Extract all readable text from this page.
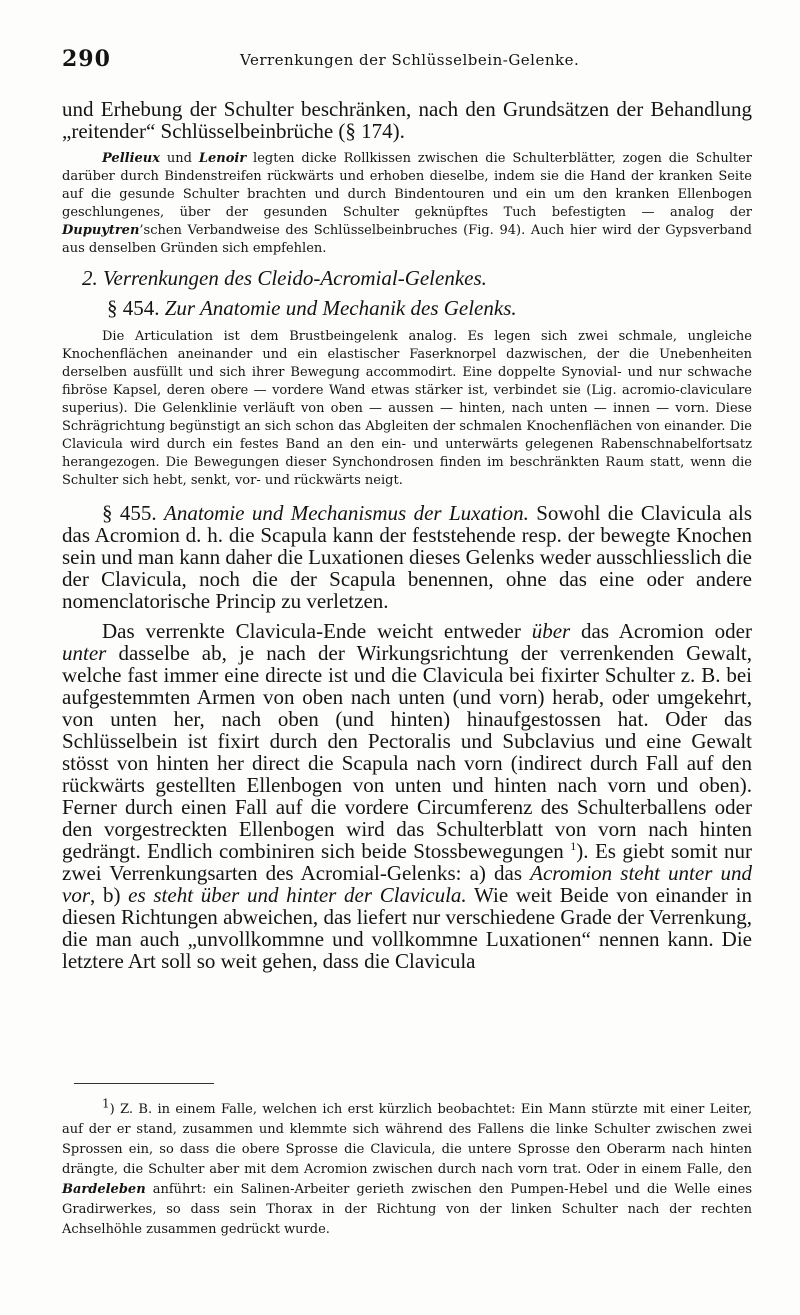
290	Verrenkungen der Schlüsselbein-Gelenke.

und Erhebung der Schulter beschränken, nach den Grundsätzen der Behandlung „reitender“ Schlüsselbeinbrüche (§ 174).

Pellieux und Lenoir legten dicke Rollkissen zwischen die Schulterblätter, zogen die Schulter darüber durch Bindenstreifen rückwärts und erhoben dieselbe, indem sie die Hand der kranken Seite auf die gesunde Schulter brachten und durch Bindentouren und ein um den kranken Ellenbogen geschlungenes, über der gesunden Schulter geknüpftes Tuch befestigten — analog der Dupuytren’schen Verbandweise des Schlüsselbeinbruches (Fig. 94). Auch hier wird der Gypsverband aus denselben Gründen sich empfehlen.

2. Verrenkungen des Cleido-Acromial-Gelenkes.

§ 454. Zur Anatomie und Mechanik des Gelenks.

Die Articulation ist dem Brustbeingelenk analog. Es legen sich zwei schmale, ungleiche Knochenflächen aneinander und ein elastischer Faserknorpel dazwischen, der die Unebenheiten derselben ausfüllt und sich ihrer Bewegung accommodirt. Eine doppelte Synovial- und nur schwache fibröse Kapsel, deren obere — vordere Wand etwas stärker ist, verbindet sie (Lig. acromio-claviculare superius). Die Gelenklinie verläuft von oben — aussen — hinten, nach unten — innen — vorn. Diese Schrägrichtung begünstigt an sich schon das Abgleiten der schmalen Knochenflächen von einander. Die Clavicula wird durch ein festes Band an den ein- und unterwärts gelegenen Rabenschnabelfortsatz herangezogen. Die Bewegungen dieser Synchondrosen finden im beschränkten Raum statt, wenn die Schulter sich hebt, senkt, vor- und rückwärts neigt.

§ 455. Anatomie und Mechanismus der Luxation. Sowohl die Clavicula als das Acromion d. h. die Scapula kann der feststehende resp. der bewegte Knochen sein und man kann daher die Luxationen dieses Gelenks weder ausschliesslich die der Clavicula, noch die der Scapula benennen, ohne das eine oder andere nomenclatorische Princip zu verletzen.

Das verrenkte Clavicula-Ende weicht entweder über das Acromion oder unter dasselbe ab, je nach der Wirkungsrichtung der verrenkenden Gewalt, welche fast immer eine directe ist und die Clavicula bei fixirter Schulter z. B. bei aufgestemmten Armen von oben nach unten (und vorn) herab, oder umgekehrt, von unten her, nach oben (und hinten) hinaufgestossen hat. Oder das Schlüsselbein ist fixirt durch den Pectoralis und Subclavius und eine Gewalt stösst von hinten her direct die Scapula nach vorn (indirect durch Fall auf den rückwärts gestellten Ellenbogen von unten und hinten nach vorn und oben). Ferner durch einen Fall auf die vordere Circumferenz des Schulterballens oder den vorgestreckten Ellenbogen wird das Schulterblatt von vorn nach hinten gedrängt. Endlich combiniren sich beide Stossbewegungen $^1$). Es giebt somit nur zwei Verrenkungsarten des Acromial-Gelenks: a) das Acromion steht unter und vor, b) es steht über und hinter der Clavicula. Wie weit Beide von einander in diesen Richtungen abweichen, das liefert nur verschiedene Grade der Verrenkung, die man auch „unvollkommne und vollkommne Luxationen“ nennen kann. Die letztere Art soll so weit gehen, dass die Clavicula

$^1$) Z. B. in einem Falle, welchen ich erst kürzlich beobachtet: Ein Mann stürzte mit einer Leiter, auf der er stand, zusammen und klemmte sich während des Fallens die linke Schulter zwischen zwei Sprossen ein, so dass die obere Sprosse die Clavicula, die untere Sprosse den Oberarm nach hinten drängte, die Schulter aber mit dem Acromion zwischen durch nach vorn trat. Oder in einem Falle, den Bardeleben anführt: ein Salinen-Arbeiter gerieth zwischen den Pumpen-Hebel und die Welle eines Gradirwerkes, so dass sein Thorax in der Richtung von der linken Schulter nach der rechten Achselhöhle zusammen gedrückt wurde.
